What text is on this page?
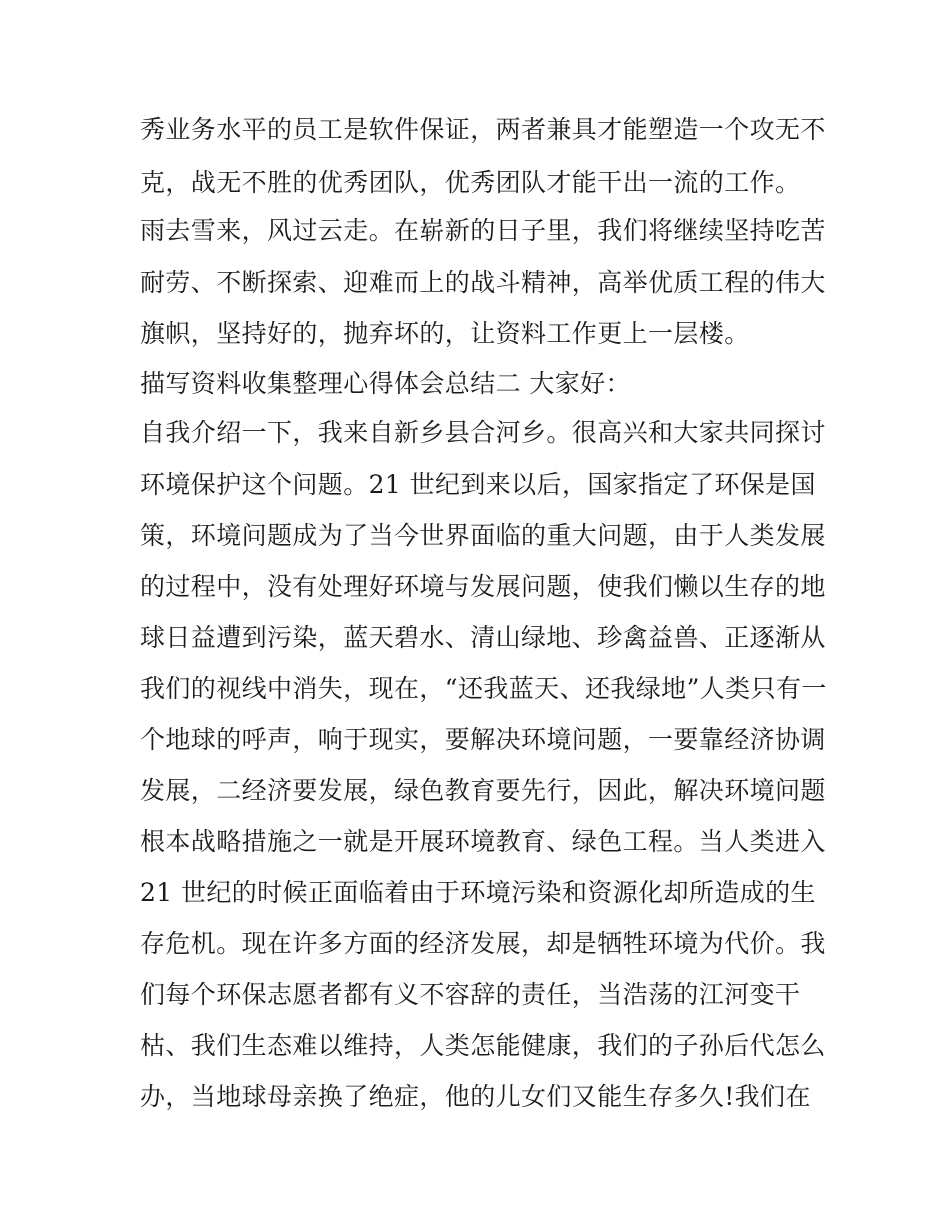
秀业务水平的员工是软件保证，两者兼具才能塑造一个攻无不
克，战无不胜的优秀团队，优秀团队才能干出一流的工作。
雨去雪来，风过云走。在崭新的日子里，我们将继续坚持吃苦
耐劳、不断探索、迎难而上的战斗精神，高举优质工程的伟大
旗帜，坚持好的，抛弃坏的，让资料工作更上一层楼。
描写资料收集整理心得体会总结二 大家好：
自我介绍一下，我来自新乡县合河乡。很高兴和大家共同探讨
环境保护这个问题。21 世纪到来以后，国家指定了环保是国
策，环境问题成为了当今世界面临的重大问题，由于人类发展
的过程中，没有处理好环境与发展问题，使我们懒以生存的地
球日益遭到污染，蓝天碧水、清山绿地、珍禽益兽、正逐渐从
我们的视线中消失，现在，“还我蓝天、还我绿地”人类只有一
个地球的呼声，响于现实，要解决环境问题，一要靠经济协调
发展，二经济要发展，绿色教育要先行，因此，解决环境问题
根本战略措施之一就是开展环境教育、绿色工程。当人类进入
21 世纪的时候正面临着由于环境污染和资源化却所造成的生
存危机。现在许多方面的经济发展，却是牺牲环境为代价。我
们每个环保志愿者都有义不容辞的责任，当浩荡的江河变干
枯、我们生态难以维持，人类怎能健康，我们的子孙后代怎么
办，当地球母亲换了绝症，他的儿女们又能生存多久!我们在
